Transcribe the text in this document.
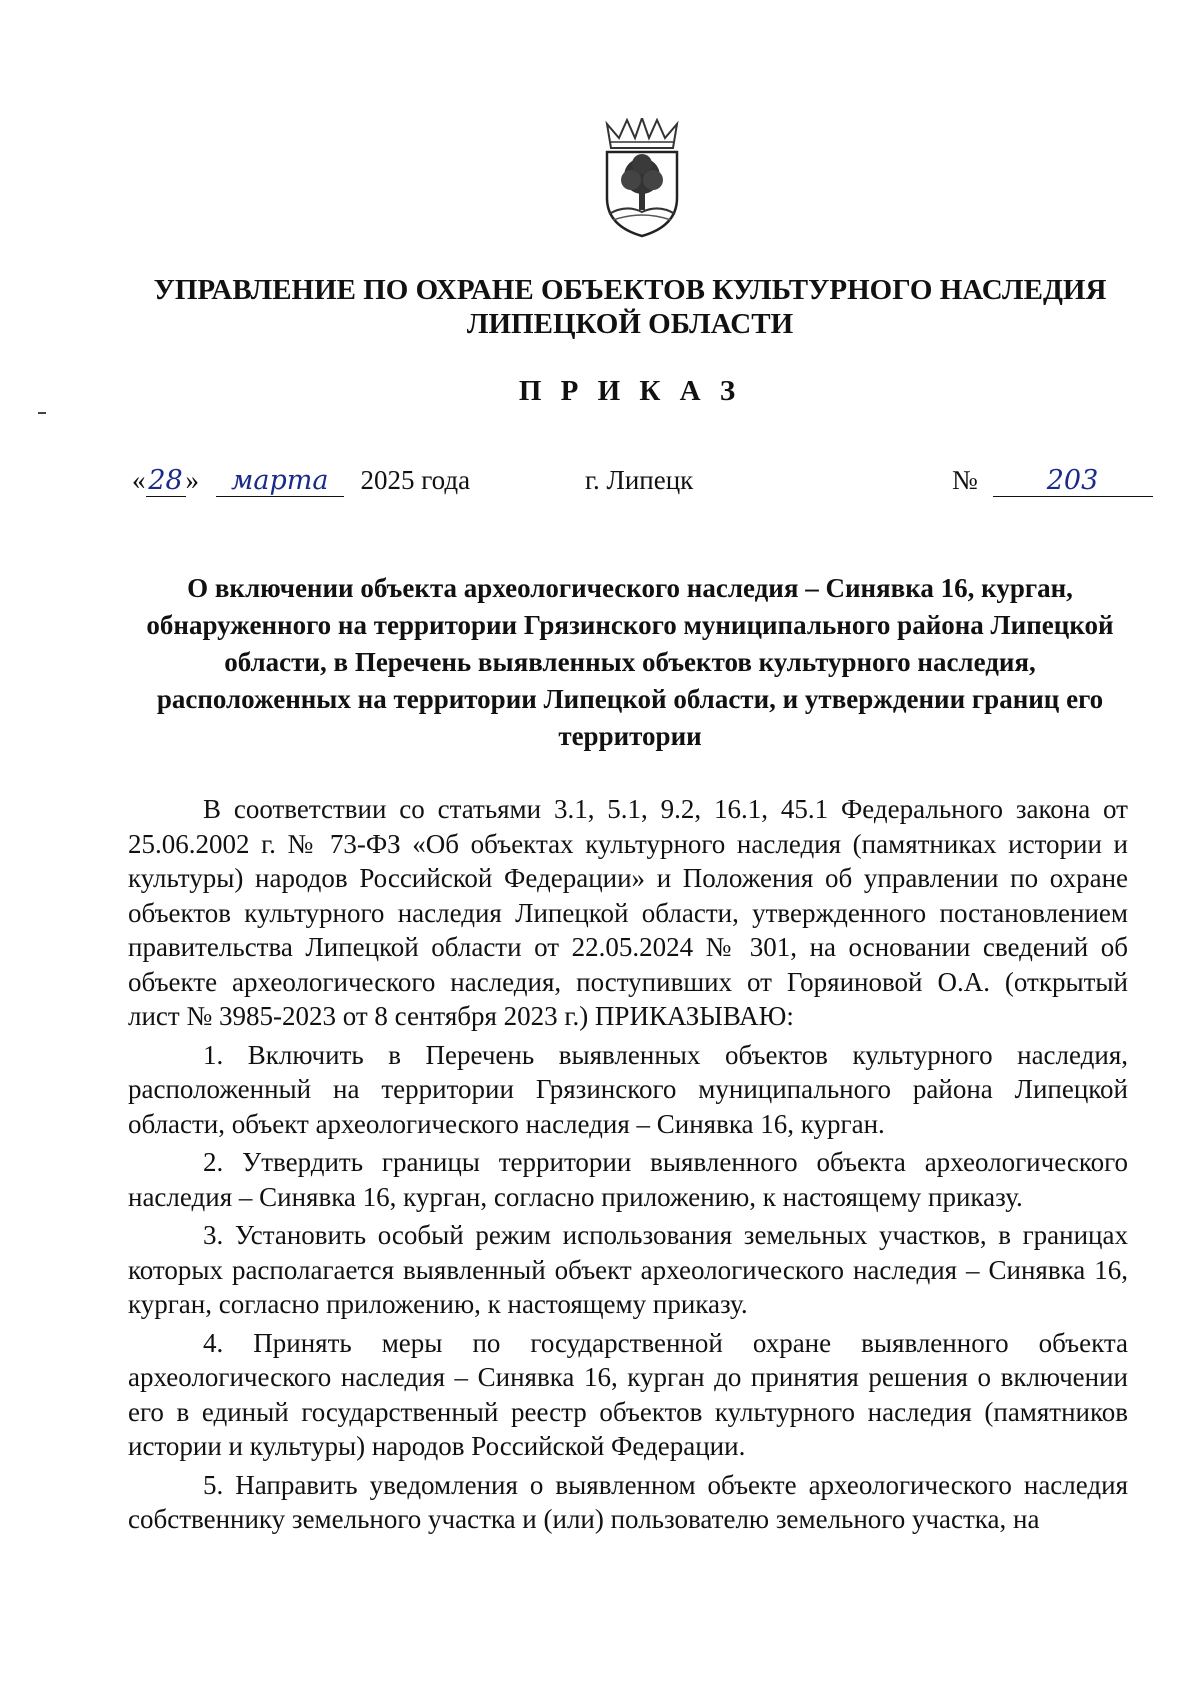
УПРАВЛЕНИЕ ПО ОХРАНЕ ОБЪЕКТОВ КУЛЬТУРНОГО НАСЛЕДИЯ
ЛИПЕЦКОЙ ОБЛАСТИ
П Р И К А З
« 28 » марта 2025 года	г. Липецк	№	203
О включении объекта археологического наследия – Синявка 16, курган, обнаруженного на территории Грязинского муниципального района Липецкой области, в Перечень выявленных объектов культурного наследия, расположенных на территории Липецкой области, и утверждении границ его территории

В соответствии со статьями 3.1, 5.1, 9.2, 16.1, 45.1 Федерального закона от 25.06.2002 г. № 73-ФЗ «Об объектах культурного наследия (памятниках истории и культуры) народов Российской Федерации» и Положения об управлении по охране объектов культурного наследия Липецкой области, утвержденного постановлением правительства Липецкой области от 22.05.2024 № 301, на основании сведений об объекте археологического наследия, поступивших от Горяиновой О.А. (открытый лист № 3985-2023 от 8 сентября 2023 г.) ПРИКАЗЫВАЮ:

1. Включить в Перечень выявленных объектов культурного наследия, расположенный на территории Грязинского муниципального района Липецкой области, объект археологического наследия – Синявка 16, курган.

2. Утвердить границы территории выявленного объекта археологического наследия – Синявка 16, курган, согласно приложению, к настоящему приказу.

3. Установить особый режим использования земельных участков, в границах которых располагается выявленный объект археологического наследия – Синявка 16, курган, согласно приложению, к настоящему приказу.

4. Принять меры по государственной охране выявленного объекта археологического наследия – Синявка 16, курган до принятия решения о включении его в единый государственный реестр объектов культурного наследия (памятников истории и культуры) народов Российской Федерации.

5. Направить уведомления о выявленном объекте археологического наследия собственнику земельного участка и (или) пользователю земельного участка, на
